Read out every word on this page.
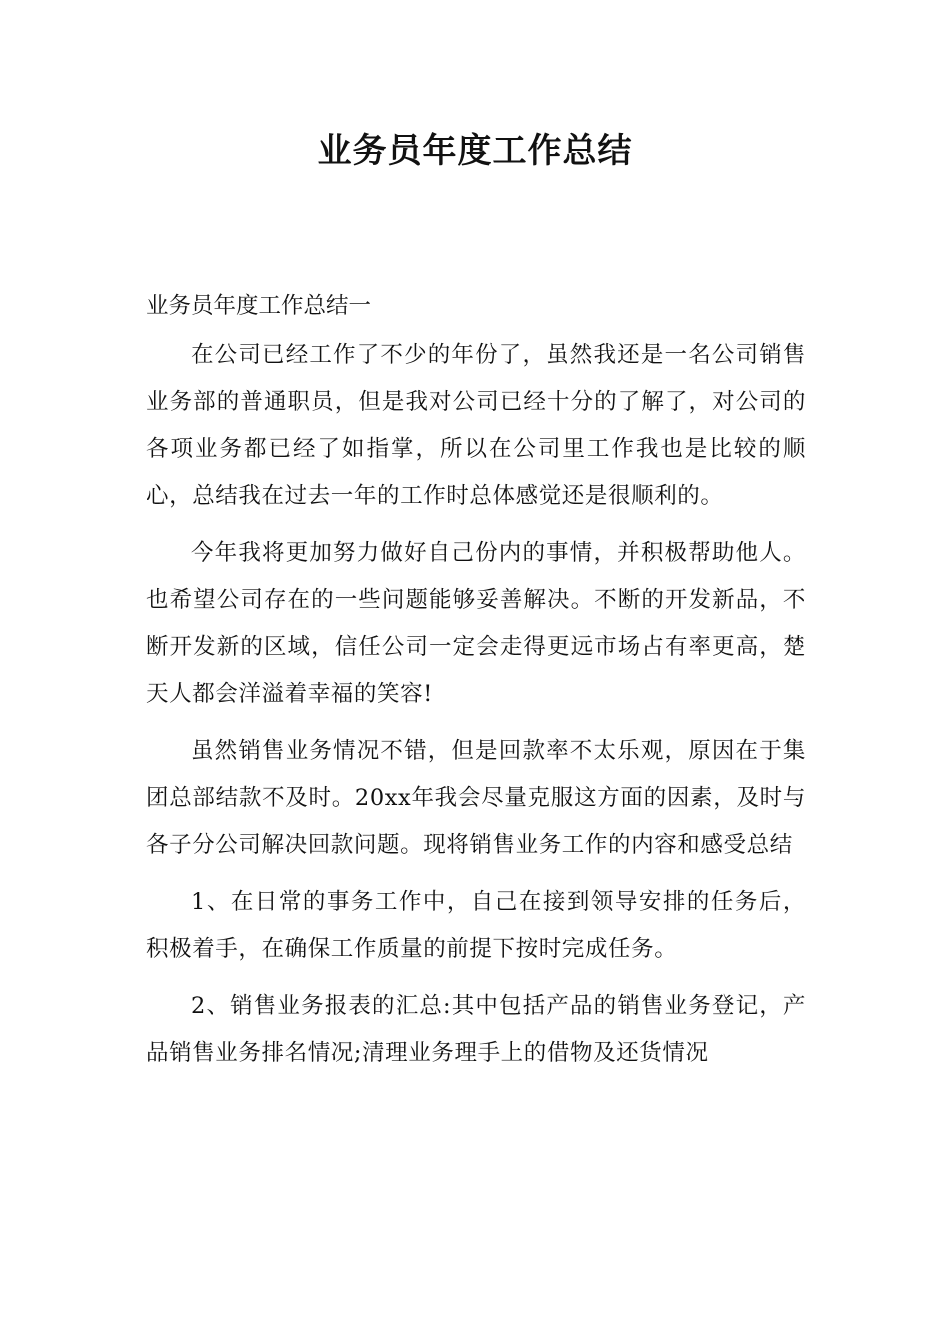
业务员年度工作总结

业务员年度工作总结一

在公司已经工作了不少的年份了，虽然我还是一名公司销售业务部的普通职员，但是我对公司已经十分的了解了，对公司的各项业务都已经了如指掌，所以在公司里工作我也是比较的顺心，总结我在过去一年的工作时总体感觉还是很顺利的。

今年我将更加努力做好自己份内的事情，并积极帮助他人。也希望公司存在的一些问题能够妥善解决。不断的开发新品，不断开发新的区域，信任公司一定会走得更远市场占有率更高，楚天人都会洋溢着幸福的笑容!

虽然销售业务情况不错，但是回款率不太乐观，原因在于集团总部结款不及时。20xx年我会尽量克服这方面的因素，及时与各子分公司解决回款问题。现将销售业务工作的内容和感受总结

1、在日常的事务工作中，自己在接到领导安排的任务后，积极着手，在确保工作质量的前提下按时完成任务。

2、销售业务报表的汇总:其中包括产品的销售业务登记，产品销售业务排名情况;清理业务理手上的借物及还货情况
